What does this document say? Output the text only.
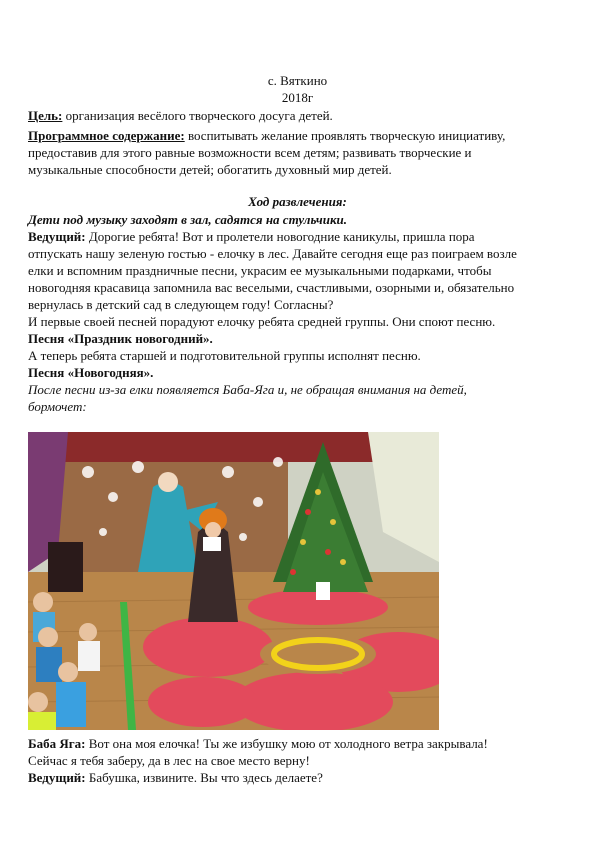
с. Вяткино
2018г
Цель: организация весёлого творческого досуга детей.
Программное содержание: воспитывать желание проявлять творческую инициативу,
предоставив для этого равные возможности всем детям; развивать творческие и
музыкальные способности детей; обогатить духовный мир детей.
Ход развлечения:
Дети под музыку заходят в зал, садятся на стульчики.
Ведущий: Дорогие ребята! Вот и пролетели новогодние каникулы, пришла пора
отпускать нашу зеленую гостью - елочку в лес. Давайте сегодня еще раз поиграем возле
елки и вспомним праздничные песни, украсим ее музыкальными подарками, чтобы
новогодняя красавица запомнила вас веселыми, счастливыми, озорными и, обязательно
вернулась в детский сад в следующем году! Согласны?
И первые своей песней порадуют елочку ребята средней группы. Они споют песню.
Песня «Праздник новогодний».
А теперь ребята старшей и подготовительной группы исполнят песню.
Песня «Новогодняя».
После песни из-за елки появляется Баба-Яга и, не обращая внимания на детей,
бормочет:
Баба Яга: Вот она моя елочка! Ты же избушку мою от холодного ветра закрывала!
Сейчас я тебя заберу, да в лес на свое место верну!
Ведущий: Бабушка, извините. Вы что здесь делаете?
